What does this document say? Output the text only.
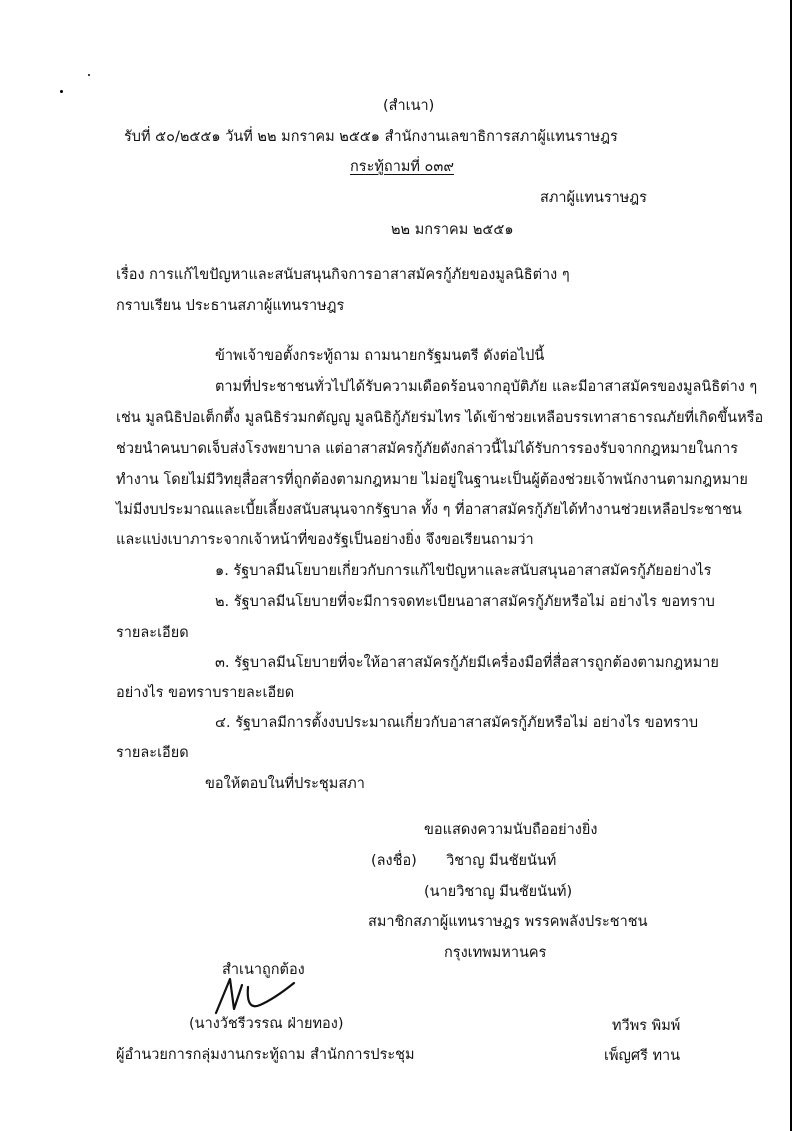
(สำเนา)
รับที่ ๕๐/๒๕๕๑ วันที่ ๒๒ มกราคม ๒๕๕๑ สำนักงานเลขาธิการสภาผู้แทนราษฎร
กระทู้ถามที่ ๐๓๙
สภาผู้แทนราษฎร
๒๒ มกราคม ๒๕๕๑
เรื่อง การแก้ไขปัญหาและสนับสนุนกิจการอาสาสมัครกู้ภัยของมูลนิธิต่าง ๆ
กราบเรียน ประธานสภาผู้แทนราษฎร
ข้าพเจ้าขอตั้งกระทู้ถาม ถามนายกรัฐมนตรี ดังต่อไปนี้
ตามที่ประชาชนทั่วไปได้รับความเดือดร้อนจากอุบัติภัย และมีอาสาสมัครของมูลนิธิต่าง ๆ
เช่น มูลนิธิปอเต็กตึ้ง มูลนิธิร่วมกตัญญู มูลนิธิกู้ภัยร่มไทร ได้เข้าช่วยเหลือบรรเทาสาธารณภัยที่เกิดขึ้นหรือ
ช่วยนำคนบาดเจ็บส่งโรงพยาบาล แต่อาสาสมัครกู้ภัยดังกล่าวนี้ไม่ได้รับการรองรับจากกฎหมายในการ
ทำงาน โดยไม่มีวิทยุสื่อสารที่ถูกต้องตามกฎหมาย ไม่อยู่ในฐานะเป็นผู้ต้องช่วยเจ้าพนักงานตามกฎหมาย
ไม่มีงบประมาณและเบี้ยเลี้ยงสนับสนุนจากรัฐบาล ทั้ง ๆ ที่อาสาสมัครกู้ภัยได้ทำงานช่วยเหลือประชาชน
และแบ่งเบาภาระจากเจ้าหน้าที่ของรัฐเป็นอย่างยิ่ง จึงขอเรียนถามว่า
๑. รัฐบาลมีนโยบายเกี่ยวกับการแก้ไขปัญหาและสนับสนุนอาสาสมัครกู้ภัยอย่างไร
๒. รัฐบาลมีนโยบายที่จะมีการจดทะเบียนอาสาสมัครกู้ภัยหรือไม่ อย่างไร ขอทราบ
รายละเอียด
๓. รัฐบาลมีนโยบายที่จะให้อาสาสมัครกู้ภัยมีเครื่องมือที่สื่อสารถูกต้องตามกฎหมาย
อย่างไร ขอทราบรายละเอียด
๔. รัฐบาลมีการตั้งงบประมาณเกี่ยวกับอาสาสมัครกู้ภัยหรือไม่ อย่างไร ขอทราบ
รายละเอียด
ขอให้ตอบในที่ประชุมสภา
ขอแสดงความนับถืออย่างยิ่ง
(ลงชื่อ) วิชาญ มีนชัยนันท์
(นายวิชาญ มีนชัยนันท์)
สมาชิกสภาผู้แทนราษฎร พรรคพลังประชาชน
กรุงเทพมหานคร
สำเนาถูกต้อง
(นางวัชรีวรรณ ฝ่ายทอง)
ผู้อำนวยการกลุ่มงานกระทู้ถาม สำนักการประชุม
ทวีพร พิมพ์
เพ็ญศรี ทาน
